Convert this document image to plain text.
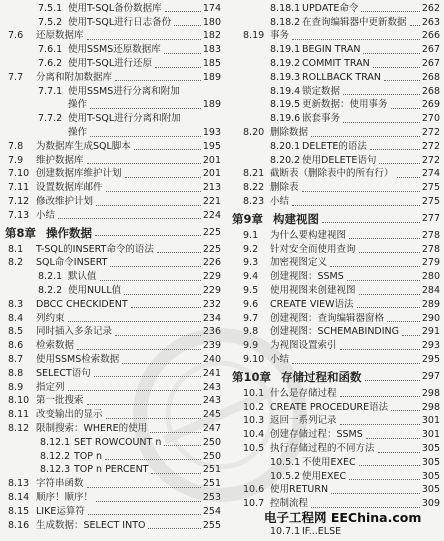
7.5.1 使用T-SQL备份数据库	174
7.5.2 使用T-SQL进行日志备份	180
7.6	还原数据库	182
7.6.1 使用SSMS还原数据库	183
7.6.2 使用T-SQL进行还原	185
7.7	分离和附加数据库	189
7.7.1 使用SSMS进行分离和附加
操作	189
7.7.2 使用T-SQL进行分离和附加
操作	193
7.8	为数据库生成SQL脚本	195
7.9	维护数据库	201
7.10 创建数据库维护计划	201
7.11 设置数据库邮件	213
7.12 修改维护计划	221
7.13 小结	224
第8章 操作数据	225
8.1	T-SQL的INSERT命令的语法	225
8.2	SQL命令INSERT	226
8.2.1 默认值	229
8.2.2 使用NULL值	229
8.3	DBCC CHECKIDENT	232
8.4	列约束	234
8.5	同时插入多条记录	236
8.6	检索数据	239
8.7	使用SSMS检索数据	240
8.8	SELECT语句	241
8.9	指定列	243
8.10 第一批搜索	243
8.11 改变输出的显示	245
8.12 限制搜索：WHERE的使用	247
8.12.1 SET ROWCOUNT n	250
8.12.2 TOP n	250
8.12.3 TOP n PERCENT	251
8.13 字符串函数	251
8.14 顺序！顺序！	253
8.15 LIKE运算符	254
8.16 生成数据：SELECT INTO	255
8.18.1 UPDATE命令	262
8.18.2 在查询编辑器中更新数据 263
8.19 事务	266
8.19.1 BEGIN TRAN	267
8.19.2 COMMIT TRAN	267
8.19.3 ROLLBACK TRAN	268
8.19.4 锁定数据	268
8.19.5 更新数据：使用事务	269
8.19.6 嵌套事务	270
8.20 删除数据	272
8.20.1 DELETE的语法	272
8.20.2 使用DELETE语句	272
8.21 截断表（删除表中的所有行）	274
8.22 删除表	275
8.23 小结	275
第9章 构建视图	277
9.1	为什么要构建视图	278
9.2	针对安全而使用查询	278
9.3	加密视图定义	279
9.4	创建视图：SSMS	280
9.5	使用视图来创建视图	284
9.6	CREATE VIEW语法	289
9.7	创建视图：查询编辑器窗格	290
9.8	创建视图：SCHEMABINDING 291
9.9	为视图设置索引	293
9.10 小结	295
第10章 存储过程和函数	297
10.1 什么是存储过程	298
10.2 CREATE PROCEDURE语法	298
10.3 返回一系列记录	301
10.4 创建存储过程：SSMS	301
10.5 执行存储过程的不同方法	305
10.5.1 不使用EXEC	305
10.5.2 使用EXEC	305
10.6 使用RETURN	305
10.7 控制流程	309
10.7.1 IF...ELSE
电子工程网 EEChina.com
